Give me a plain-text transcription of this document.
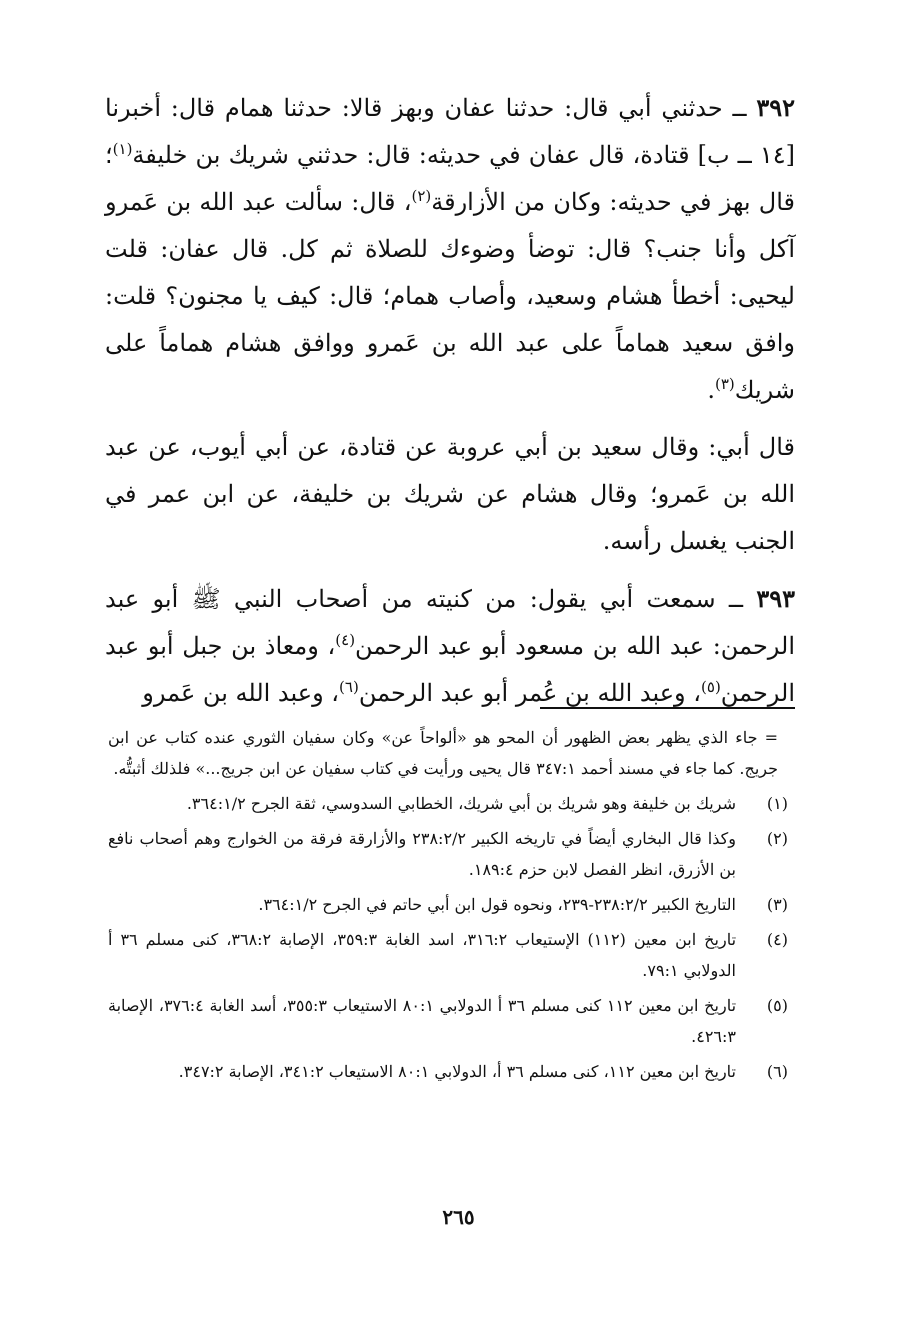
٣٩٢ ــ حدثني أبي قال: حدثنا عفان وبهز قالا: حدثنا همام قال: أخبرنا [١٤ ــ ب] قتادة، قال عفان في حديثه: قال: حدثني شريك بن خليفة$^{(١)}$؛ قال بهز في حديثه: وكان من الأزارقة$^{(٢)}$، قال: سألت عبد الله بن عَمرو آكل وأنا جنب؟ قال: توضأ وضوءك للصلاة ثم كل. قال عفان: قلت ليحيى: أخطأ هشام وسعيد، وأصاب همام؛ قال: كيف يا مجنون؟ قلت: وافق سعيد هماماً على عبد الله بن عَمرو ووافق هشام هماماً على شريك$^{(٣)}$.

قال أبي: وقال سعيد بن أبي عروبة عن قتادة، عن أبي أيوب، عن عبد الله بن عَمرو؛ وقال هشام عن شريك بن خليفة، عن ابن عمر في الجنب يغسل رأسه.

٣٩٣ ــ سمعت أبي يقول: من كنيته من أصحاب النبي ﷺ أبو عبد الرحمن: عبد الله بن مسعود أبو عبد الرحمن$^{(٤)}$، ومعاذ بن جبل أبو عبد الرحمن$^{(٥)}$، وعبد الله بن عُمر أبو عبد الرحمن$^{(٦)}$، وعبد الله بن عَمرو

= جاء الذي يظهر بعض الظهور أن المحو هو «ألواحاً عن» وكان سفيان الثوري عنده كتاب عن ابن جريج. كما جاء في مسند أحمد ٣٤٧:١ قال يحيى ورأيت في كتاب سفيان عن ابن جريج...» فلذلك أثبتُّه.

(١)
شريك بن خليفة وهو شريك بن أبي شريك، الخطابي السدوسي، ثقة الجرح ٣٦٤:١/٢.
(٢)
وكذا قال البخاري أيضاً في تاريخه الكبير ٢٣٨:٢/٢ والأزارقة فرقة من الخوارج وهم أصحاب نافع بن الأزرق، انظر الفصل لابن حزم ١٨٩:٤.
(٣)
التاريخ الكبير ٢٣٨:٢/٢-٢٣٩، ونحوه قول ابن أبي حاتم في الجرح ٣٦٤:١/٢.
(٤)
تاريخ ابن معين (١١٢) الإستيعاب ٣١٦:٢، اسد الغابة ٣٥٩:٣، الإصابة ٣٦٨:٢، كنى مسلم ٣٦ أ الدولابي ٧٩:١.
(٥)
تاريخ ابن معين ١١٢ كنى مسلم ٣٦ أ الدولابي ٨٠:١ الاستيعاب ٣٥٥:٣، أسد الغابة ٣٧٦:٤، الإصابة ٤٢٦:٣.
(٦)
تاريخ ابن معين ١١٢، كنى مسلم ٣٦ أ، الدولابي ٨٠:١ الاستيعاب ٣٤١:٢، الإصابة ٣٤٧:٢.
٢٦٥
